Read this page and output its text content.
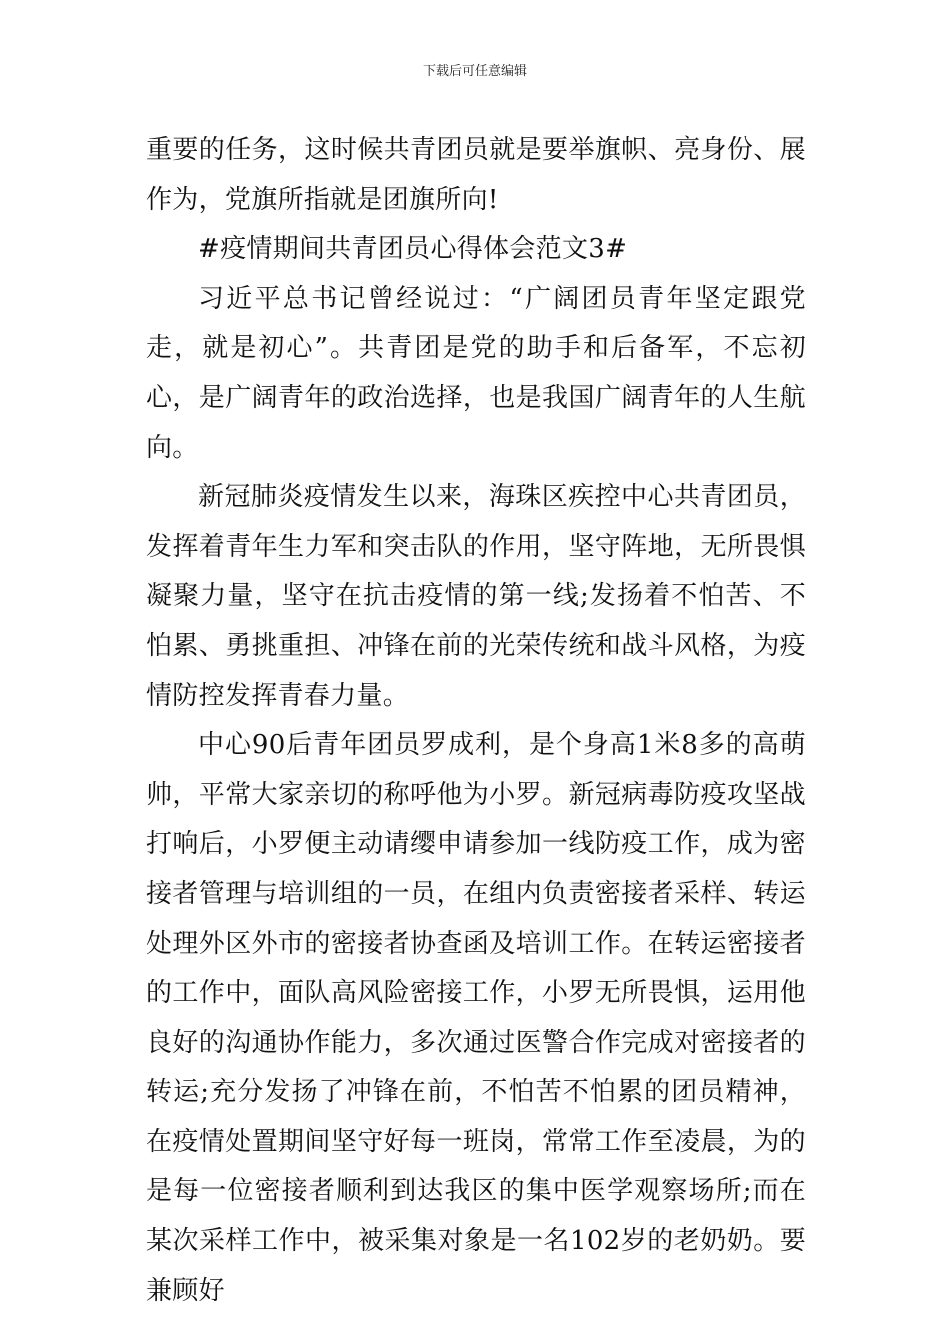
下载后可任意编辑

重要的任务，这时候共青团员就是要举旗帜、亮身份、展作为，党旗所指就是团旗所向!

#疫情期间共青团员心得体会范文3#

习近平总书记曾经说过：“广阔团员青年坚定跟党走，就是初心”。共青团是党的助手和后备军，不忘初心，是广阔青年的政治选择，也是我国广阔青年的人生航向。

新冠肺炎疫情发生以来，海珠区疾控中心共青团员，发挥着青年生力军和突击队的作用，坚守阵地，无所畏惧凝聚力量，坚守在抗击疫情的第一线;发扬着不怕苦、不怕累、勇挑重担、冲锋在前的光荣传统和战斗风格，为疫情防控发挥青春力量。

中心90后青年团员罗成利，是个身高1米8多的高萌帅，平常大家亲切的称呼他为小罗。新冠病毒防疫攻坚战打响后，小罗便主动请缨申请参加一线防疫工作，成为密接者管理与培训组的一员，在组内负责密接者采样、转运处理外区外市的密接者协查函及培训工作。在转运密接者的工作中，面队高风险密接工作，小罗无所畏惧，运用他良好的沟通协作能力，多次通过医警合作完成对密接者的转运;充分发扬了冲锋在前，不怕苦不怕累的团员精神，在疫情处置期间坚守好每一班岗，常常工作至凌晨，为的是每一位密接者顺利到达我区的集中医学观察场所;而在某次采样工作中，被采集对象是一名102岁的老奶奶。要兼顾好
